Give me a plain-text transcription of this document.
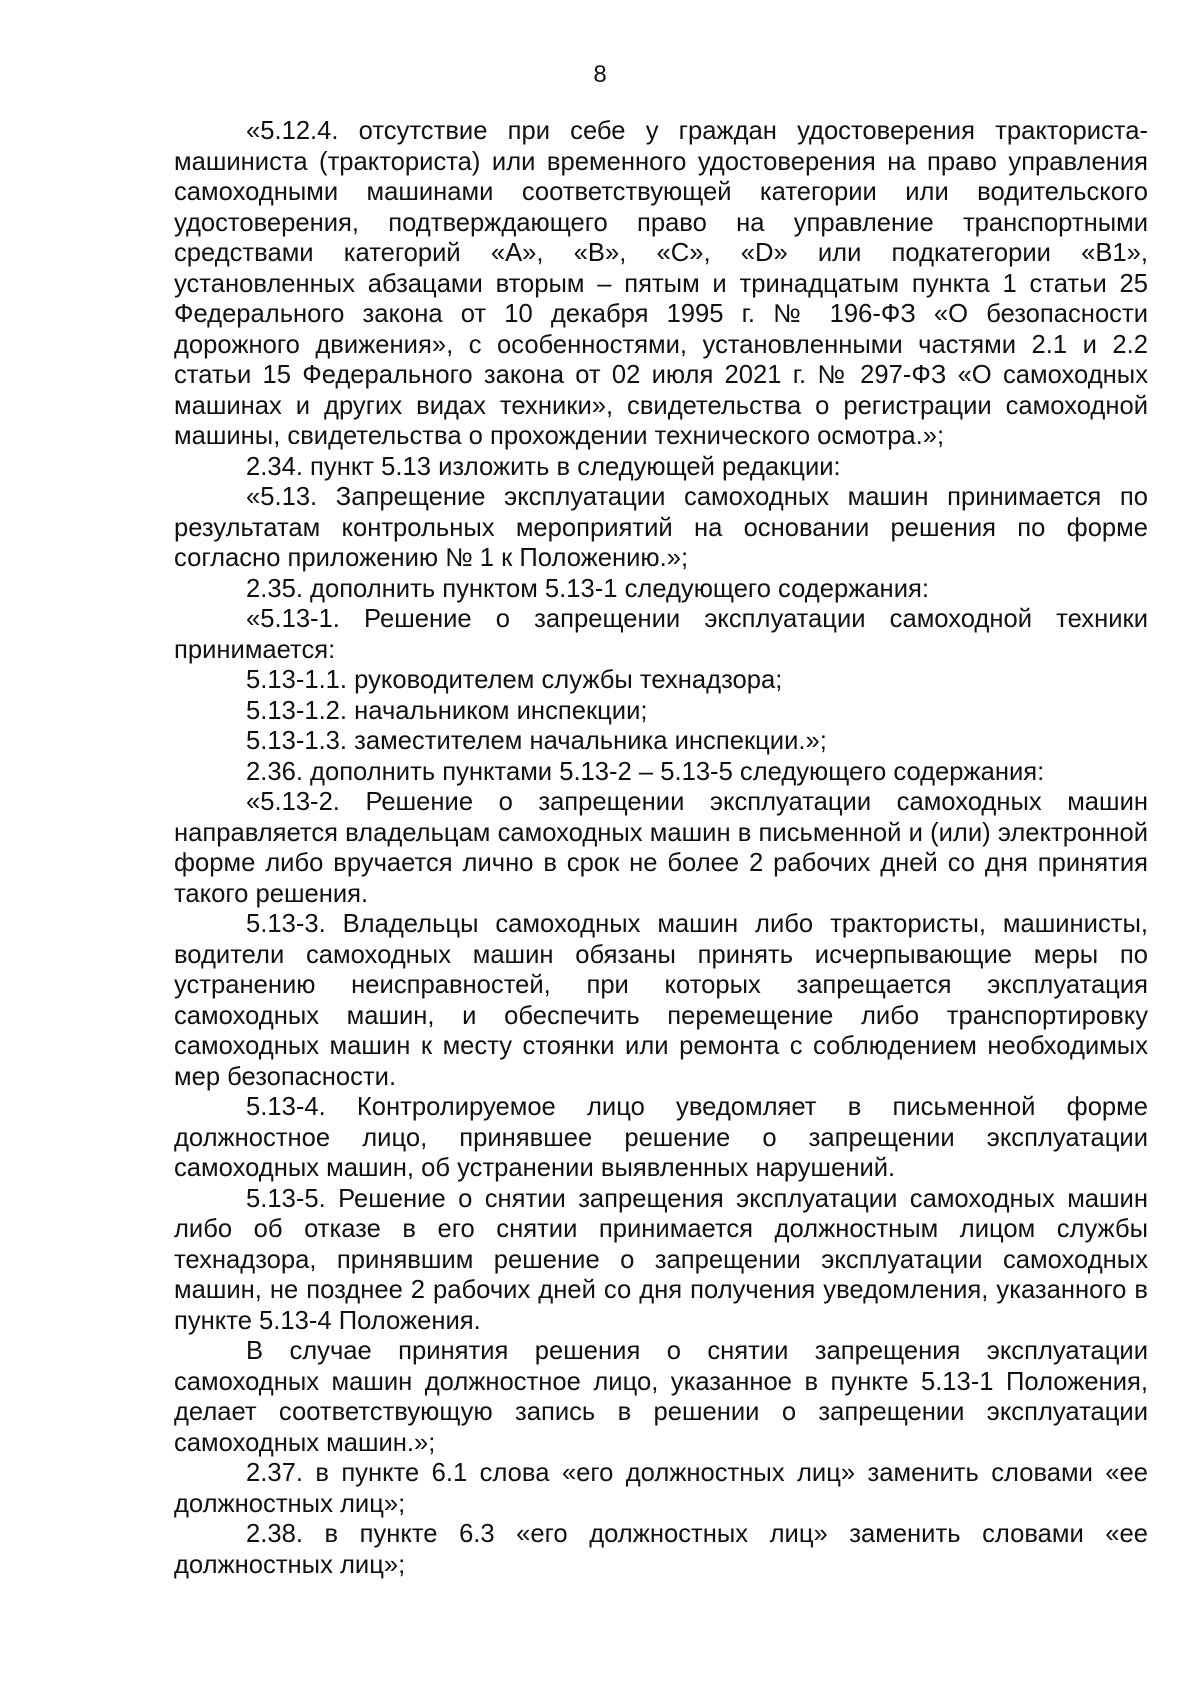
8

«5.12.4. отсутствие при себе у граждан удостоверения тракториста-машиниста (тракториста) или временного удостоверения на право управления самоходными машинами соответствующей категории или водительского удостоверения, подтверждающего право на управление транспортными средствами категорий «А», «В», «С», «D» или подкатегории «В1», установленных абзацами вторым – пятым и тринадцатым пункта 1 статьи 25 Федерального закона от 10 декабря 1995 г. № 196-ФЗ «О безопасности дорожного движения», с особенностями, установленными частями 2.1 и 2.2 статьи 15 Федерального закона от 02 июля 2021 г. № 297-ФЗ «О самоходных машинах и других видах техники», свидетельства о регистрации самоходной машины, свидетельства о прохождении технического осмотра.»;

2.34. пункт 5.13 изложить в следующей редакции:

«5.13. Запрещение эксплуатации самоходных машин принимается по результатам контрольных мероприятий на основании решения по форме согласно приложению № 1 к Положению.»;

2.35. дополнить пунктом 5.13-1 следующего содержания:

«5.13-1. Решение о запрещении эксплуатации самоходной техники принимается:

5.13-1.1. руководителем службы технадзора;

5.13-1.2. начальником инспекции;

5.13-1.3. заместителем начальника инспекции.»;

2.36. дополнить пунктами 5.13-2 – 5.13-5 следующего содержания:

«5.13-2. Решение о запрещении эксплуатации самоходных машин направляется владельцам самоходных машин в письменной и (или) электронной форме либо вручается лично в срок не более 2 рабочих дней со дня принятия такого решения.

5.13-3. Владельцы самоходных машин либо трактористы, машинисты, водители самоходных машин обязаны принять исчерпывающие меры по устранению неисправностей, при которых запрещается эксплуатация самоходных машин, и обеспечить перемещение либо транспортировку самоходных машин к месту стоянки или ремонта с соблюдением необходимых мер безопасности.

5.13-4. Контролируемое лицо уведомляет в письменной форме должностное лицо, принявшее решение о запрещении эксплуатации самоходных машин, об устранении выявленных нарушений.

5.13-5. Решение о снятии запрещения эксплуатации самоходных машин либо об отказе в его снятии принимается должностным лицом службы технадзора, принявшим решение о запрещении эксплуатации самоходных машин, не позднее 2 рабочих дней со дня получения уведомления, указанного в пункте 5.13-4 Положения.

В случае принятия решения о снятии запрещения эксплуатации самоходных машин должностное лицо, указанное в пункте 5.13-1 Положения, делает соответствующую запись в решении о запрещении эксплуатации самоходных машин.»;

2.37. в пункте 6.1 слова «его должностных лиц» заменить словами «ее должностных лиц»;

2.38. в пункте 6.3 «его должностных лиц» заменить словами «ее должностных лиц»;
